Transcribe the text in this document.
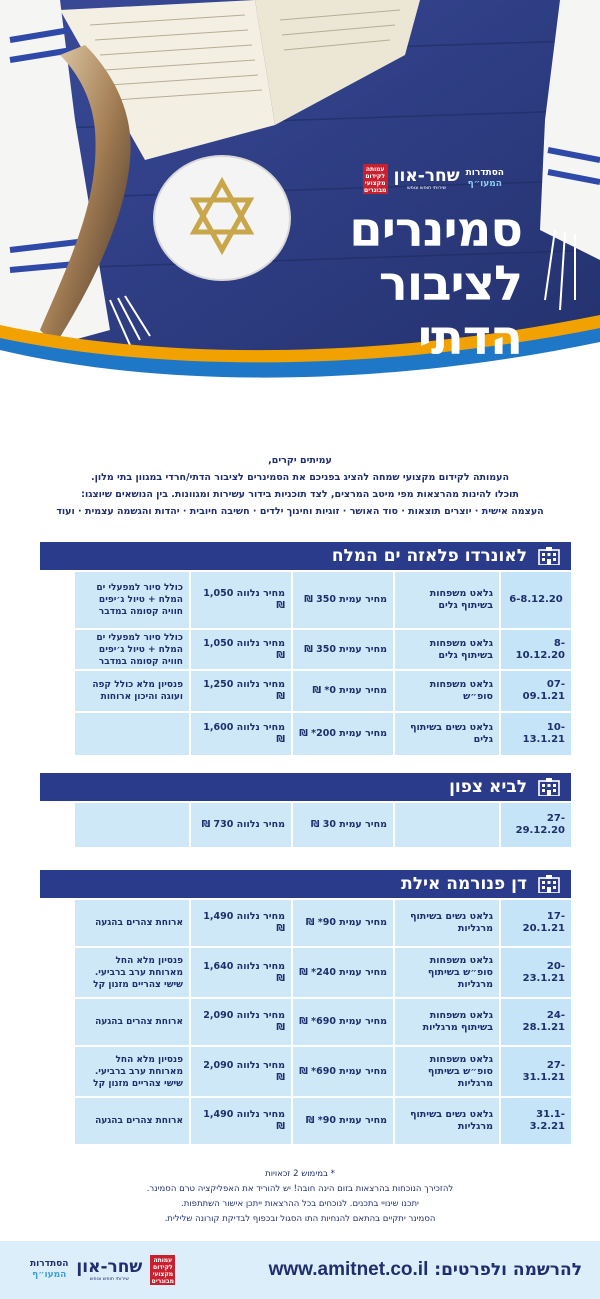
הסתדרות
המעו״ף
שחר-און
שירותי חופש ונופש
עמותה לקידום מקצועי מבוגרים
סמינרים
לציבור
הדתי

עמיתים יקרים,

העמותה לקידום מקצועי שמחה להציג בפניכם את הסמינרים לציבור הדתי/חרדי במגוון בתי מלון.

תוכלו להינות מהרצאות מפי מיטב המרצים, לצד תוכניות בידור עשירות ומגוונות. בין הנושאים שיוצגו:

העצמה אישית · יוצרים תוצאות · סוד האושר · זוגיות וחינוך ילדים · חשיבה חיובית · יהדות והגשמה עצמית · ועוד

לאונרדו פלאזה ים המלח
6-8.12.20
גלאט משפחות בשיתוף גלים
מחיר עמית 350 ₪
מחיר נלווה 1,050 ₪
כולל סיור למפעלי ים המלח + טיול ג׳יפים חוויה קסומה במדבר
8-10.12.20
גלאט משפחות בשיתוף גלים
מחיר עמית 350 ₪
מחיר נלווה 1,050 ₪
כולל סיור למפעלי ים המלח + טיול ג׳יפים חוויה קסומה במדבר
07-09.1.21
גלאט משפחות סופ״ש
מחיר עמית 0* ₪
מחיר נלווה 1,250 ₪
פנסיון מלא כולל קפה ועוגה והיכון ארוחות
10-13.1.21
גלאט נשים בשיתוף גלים
מחיר עמית 200* ₪
מחיר נלווה 1,600 ₪
לביא צפון
27-29.12.20
מחיר עמית 30 ₪
מחיר נלווה 730 ₪
דן פנורמה אילת
17-20.1.21
גלאט נשים בשיתוף מרגליות
מחיר עמית 90* ₪
מחיר נלווה 1,490 ₪
ארוחת צהרים בהגעה
20-23.1.21
גלאט משפחות סופ״ש בשיתוף מרגליות
מחיר עמית 240* ₪
מחיר נלווה 1,640 ₪
פנסיון מלא החל מארוחת ערב ברביעי. שישי צהריים מזנון קל
24-28.1.21
גלאט משפחות בשיתוף מרגליות
מחיר עמית 690* ₪
מחיר נלווה 2,090 ₪
ארוחת צהרים בהגעה
27-31.1.21
גלאט משפחות סופ״ש בשיתוף מרגליות
מחיר עמית 690* ₪
מחיר נלווה 2,090 ₪
פנסיון מלא החל מארוחת ערב ברביעי. שישי צהריים מזנון קל
31.1-3.2.21
גלאט נשים בשיתוף מרגליות
מחיר עמית 90* ₪
מחיר נלווה 1,490 ₪
ארוחת צהרים בהגעה

* במימוש 2 זכאויות

להזכירך הנוכחות בהרצאות בזום הינה חובה! יש להוריד את האפליקציה טרם הסמינר.

יתכנו שינויי בתכנים. לנוכחים בכל ההרצאות ייתכן אישור השתתפות.

הסמינר יתקיים בהתאם להנחיות התו הסגול ובכפוף לבדיקת קורונה שלילית.

להרשמה ולפרטים: www.amitnet.co.il
עמותה לקידום מקצועי מבוגרים
שחר-און
שירותי חופש ונופש
הסתדרות
המעו״ף
